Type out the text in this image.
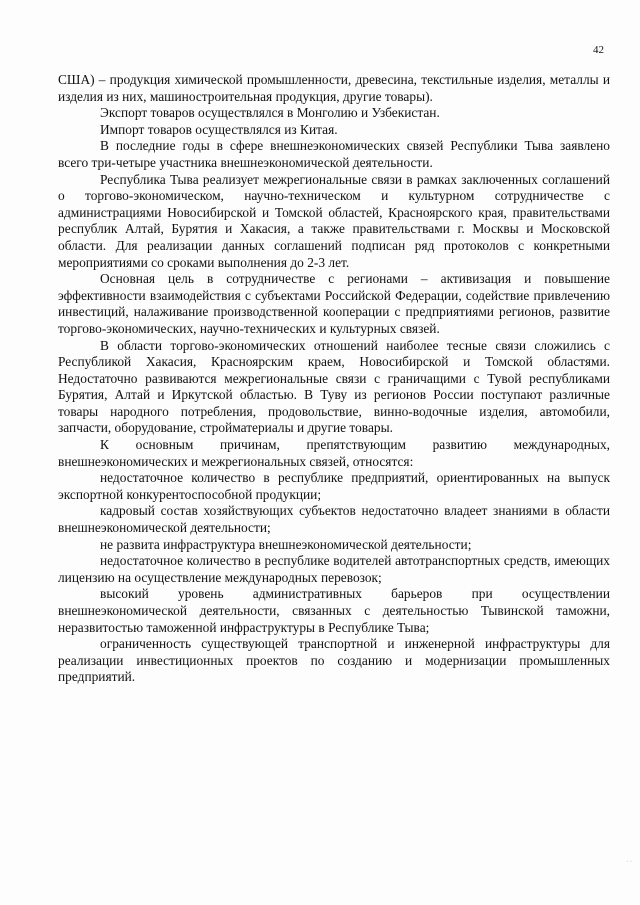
42

США) – продукция химической промышленности, древесина, текстильные изделия, металлы и изделия из них, машиностроительная продукция, другие товары).

Экспорт товаров осуществлялся в Монголию и Узбекистан.

Импорт товаров осуществлялся из Китая.

В последние годы в сфере внешнеэкономических связей Республики Тыва заявлено всего три-четыре участника внешнеэкономической деятельности.

Республика Тыва реализует межрегиональные связи в рамках заключенных соглашений о торгово-экономическом, научно-техническом и культурном сотрудничестве с администрациями Новосибирской и Томской областей, Красноярского края, правительствами республик Алтай, Бурятия и Хакасия, а также правительствами г. Москвы и Московской области. Для реализации данных соглашений подписан ряд протоколов с конкретными мероприятиями со сроками выполнения до 2-3 лет.

Основная цель в сотрудничестве с регионами – активизация и повышение эффективности взаимодействия с субъектами Российской Федерации, содействие привлечению инвестиций, налаживание производственной кооперации с предприятиями регионов, развитие торгово-экономических, научно-технических и культурных связей.

В области торгово-экономических отношений наиболее тесные связи сложились с Республикой Хакасия, Красноярским краем, Новосибирской и Томской областями. Недостаточно развиваются межрегиональные связи с граничащими с Тувой республиками Бурятия, Алтай и Иркутской областью. В Туву из регионов России поступают различные товары народного потребления, продовольствие, винно-водочные изделия, автомобили, запчасти, оборудование, стройматериалы и другие товары.

К основным причинам, препятствующим развитию международных, внешнеэкономических и межрегиональных связей, относятся:

недостаточное количество в республике предприятий, ориентированных на выпуск экспортной конкурентоспособной продукции;

кадровый состав хозяйствующих субъектов недостаточно владеет знаниями в области внешнеэкономической деятельности;

не развита инфраструктура внешнеэкономической деятельности;

недостаточное количество в республике водителей автотранспортных средств, имеющих лицензию на осуществление международных перевозок;

высокий уровень административных барьеров при осуществлении внешнеэкономической деятельности, связанных с деятельностью Тывинской таможни, неразвитостью таможенной инфраструктуры в Республике Тыва;

ограниченность существующей транспортной и инженерной инфраструктуры для реализации инвестиционных проектов по созданию и модернизации промышленных предприятий.

· ·
